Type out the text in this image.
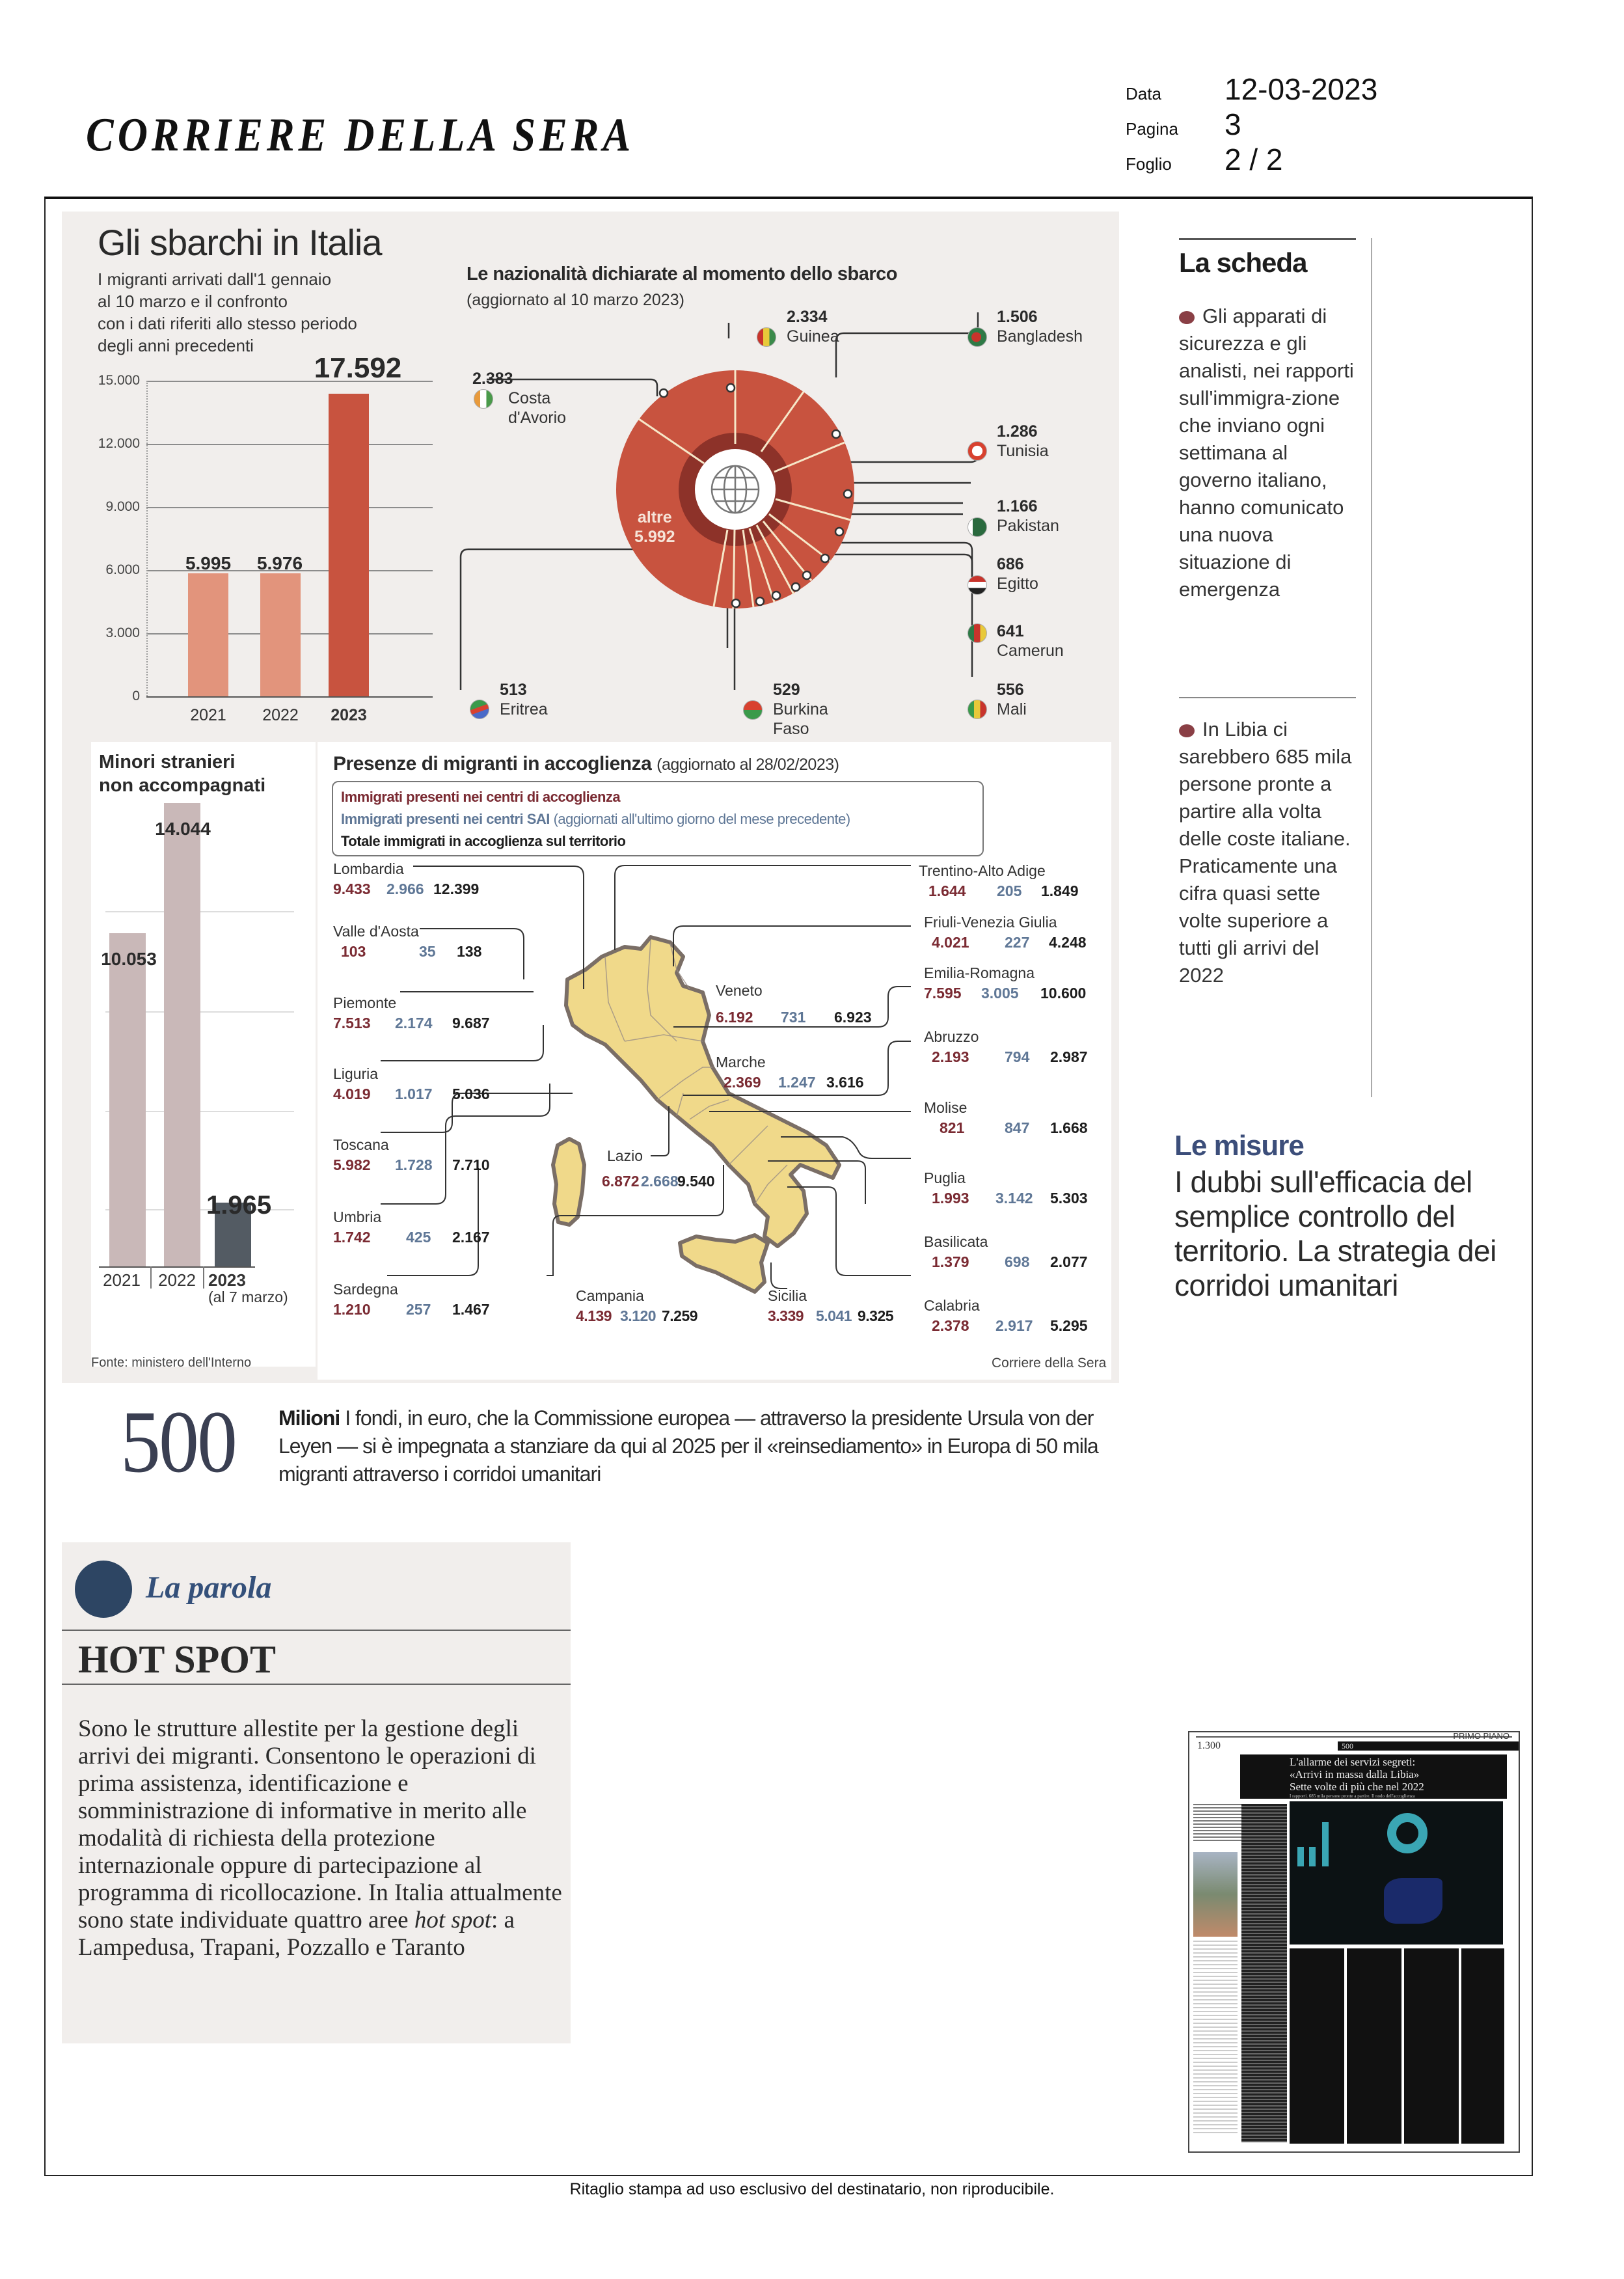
CORRIERE DELLA SERA
Data	12-03-2023
Pagina	3
Foglio	2 / 2
Gli sbarchi in Italia
I migranti arrivati dall'1 gennaio
al 10 marzo e il confronto
con i dati riferiti allo stesso periodo
degli anni precedenti
15.000
12.000
9.000
6.000
3.000
0
5.995	5.976
17.592
2021	2022	2023
Le nazionalità dichiarate al momento dello sbarco
(aggiornato al 10 marzo 2023)
altre
5.992
2.383
Costa
d'Avorio
2.334
Guinea
1.506
Bangladesh
1.286
Tunisia
1.166
Pakistan
686
Egitto
641
Camerun
556
Mali
529
Burkina
Faso
513
Eritrea
Minori stranieri
non accompagnati
10.053
14.044
1.965
2021	2022 2023
(al 7 marzo)
Fonte: ministero dell'Interno
Presenze di migranti in accoglienza (aggiornato al 28/02/2023)
Immigrati presenti nei centri di accoglienza
Immigrati presenti nei centri SAI (aggiornati all'ultimo giorno del mese precedente)
Totale immigrati in accoglienza sul territorio
Lombardia
9.433	2.966 12.399
Valle d'Aosta
103	35	138
Piemonte
7.513	2.174	9.687
Liguria
4.019	1.017	5.036
Toscana
5.982	1.728	7.710
Umbria
1.742	425	2.167
Sardegna
1.210	257	1.467
Lazio
6.872 2.668
9.540
Campania
4.139 3.120 7.259
Sicilia
3.339 5.041 9.325
Veneto
6.192	731	6.923
Marche
2.369	1.247 3.616
Trentino-Alto Adige
1.644	205	1.849
Friuli-Venezia Giulia
4.021	227	4.248
Emilia-Romagna
7.595	3.005	10.600
Abruzzo
2.193	794	2.987
Molise
821	847	1.668
Puglia
1.993	3.142	5.303
Basilicata
1.379	698	2.077
Calabria
2.378	2.917	5.295
Corriere della Sera
La scheda
Gli apparati di sicurezza e gli analisti, nei rapporti sull'immigra-zione che inviano ogni settimana al governo italiano, hanno comunicato una nuova situazione di emergenza
In Libia ci sarebbero 685 mila persone pronte a partire alla volta delle coste italiane. Praticamente una cifra quasi sette volte superiore a tutti gli arrivi del 2022
Le misure
I dubbi sull'efficacia del semplice controllo del territorio. La strategia dei corridoi umanitari
500 Milioni I fondi, in euro, che la Commissione europea — attraverso la presidente Ursula von der Leyen — si è impegnata a stanziare da qui al 2025 per il «reinsediamento» in Europa di 50 mila migranti attraverso i corridoi umanitari
La parola
HOT SPOT
Sono le strutture allestite per la gestione degli arrivi dei migranti. Consentono le operazioni di prima assistenza, identificazione e somministrazione di informative in merito alle modalità di richiesta della protezione internazionale oppure di partecipazione al programma di ricollocazione. In Italia attualmente sono state individuate quattro aree hot spot: a Lampedusa, Trapani, Pozzallo e Taranto
PRIMO PIANO
1.300	500
L'allarme dei servizi segreti:
«Arrivi in massa dalla Libia»
Sette volte di più che nel 2022
I rapporti. 685 mila persone pronte a partire. Il nodo dell'accoglienza
Ritaglio stampa ad uso esclusivo del destinatario, non riproducibile.
